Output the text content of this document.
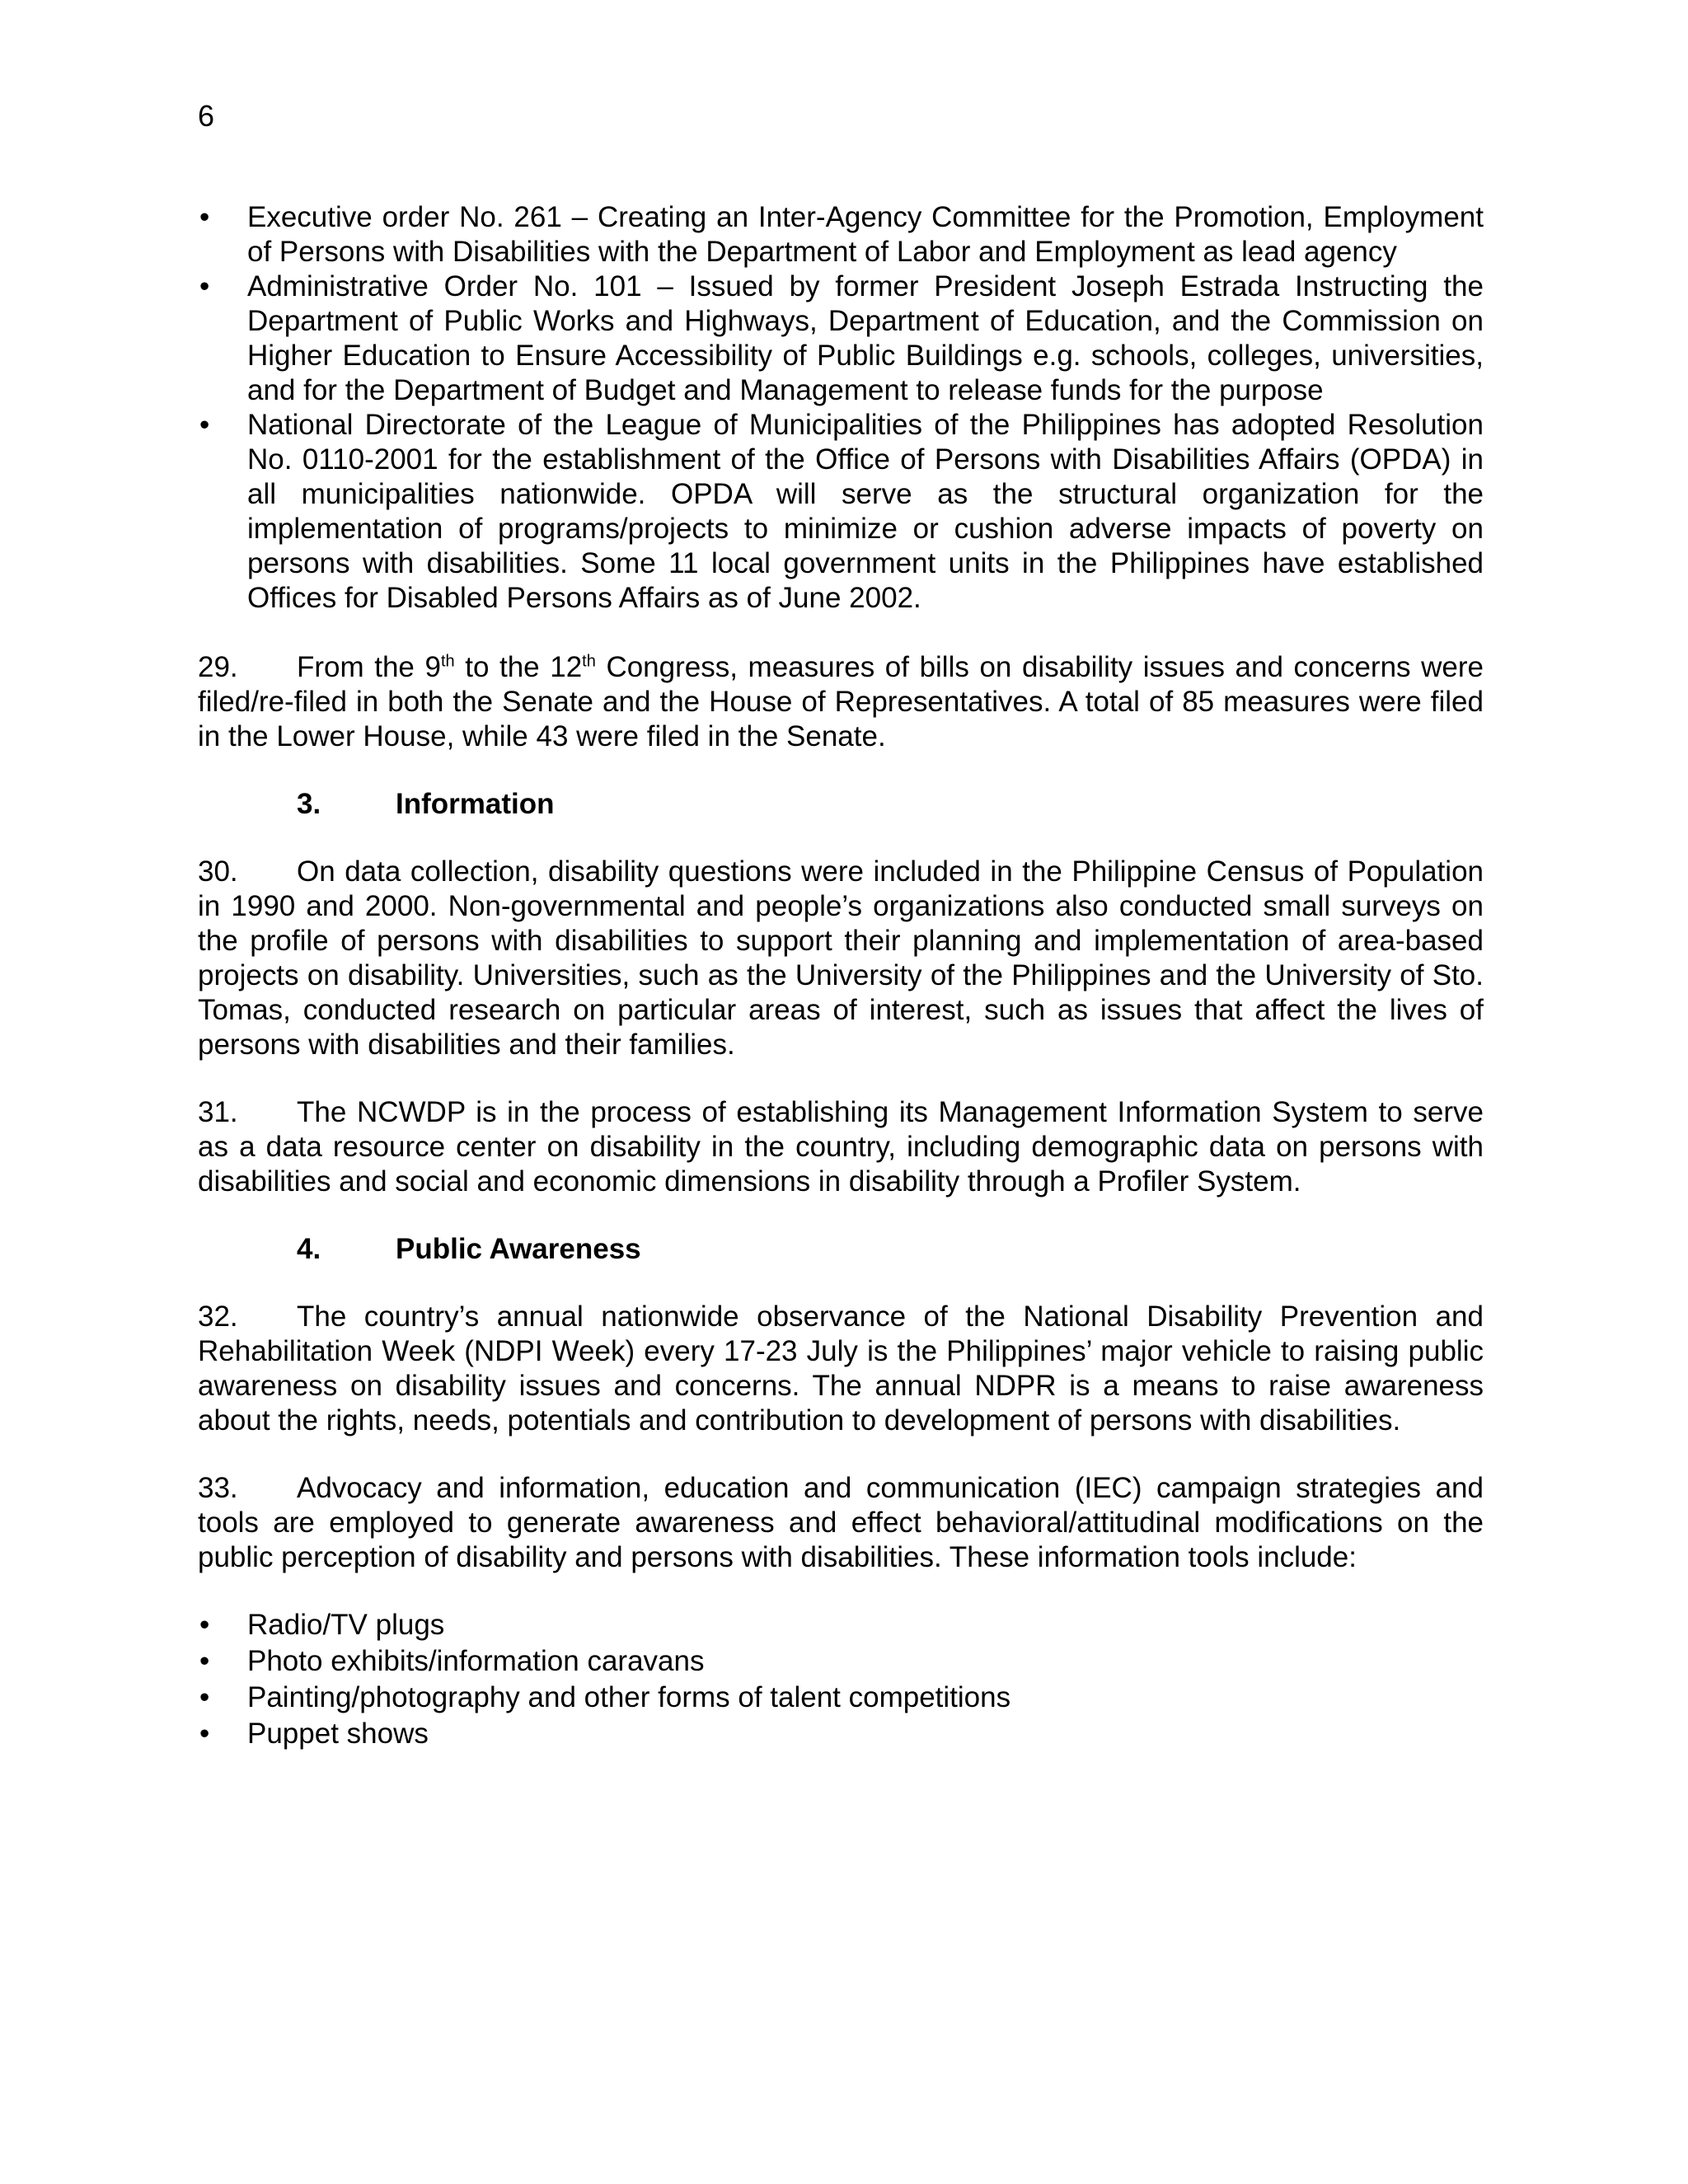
6
• Executive order No. 261 – Creating an Inter-Agency Committee for the Promotion, Employment of Persons with Disabilities with the Department of Labor and Employment as lead agency
• Administrative Order No. 101 – Issued by former President Joseph Estrada Instructing the Department of Public Works and Highways, Department of Education, and the Commission on Higher Education to Ensure Accessibility of Public Buildings e.g. schools, colleges, universities, and for the Department of Budget and Management to release funds for the purpose
• National Directorate of the League of Municipalities of the Philippines has adopted Resolution No. 0110-2001 for the establishment of the Office of Persons with Disabilities Affairs (OPDA) in all municipalities nationwide. OPDA will serve as the structural organization for the implementation of programs/projects to minimize or cushion adverse impacts of poverty on persons with disabilities. Some 11 local government units in the Philippines have established Offices for Disabled Persons Affairs as of June 2002.

29. From the 9th to the 12th Congress, measures of bills on disability issues and concerns were filed/re-filed in both the Senate and the House of Representatives. A total of 85 measures were filed in the Lower House, while 43 were filed in the Senate.

3.	Information

30. On data collection, disability questions were included in the Philippine Census of Population in 1990 and 2000. Non-governmental and people’s organizations also conducted small surveys on the profile of persons with disabilities to support their planning and implementation of area-based projects on disability. Universities, such as the University of the Philippines and the University of Sto. Tomas, conducted research on particular areas of interest, such as issues that affect the lives of persons with disabilities and their families.

31. The NCWDP is in the process of establishing its Management Information System to serve as a data resource center on disability in the country, including demographic data on persons with disabilities and social and economic dimensions in disability through a Profiler System.

4.	Public Awareness

32. The country’s annual nationwide observance of the National Disability Prevention and Rehabilitation Week (NDPI Week) every 17-23 July is the Philippines’ major vehicle to raising public awareness on disability issues and concerns. The annual NDPR is a means to raise awareness about the rights, needs, potentials and contribution to development of persons with disabilities.

33. Advocacy and information, education and communication (IEC) campaign strategies and tools are employed to generate awareness and effect behavioral/attitudinal modifications on the public perception of disability and persons with disabilities. These information tools include:

• Radio/TV plugs
• Photo exhibits/information caravans
• Painting/photography and other forms of talent competitions
• Puppet shows
